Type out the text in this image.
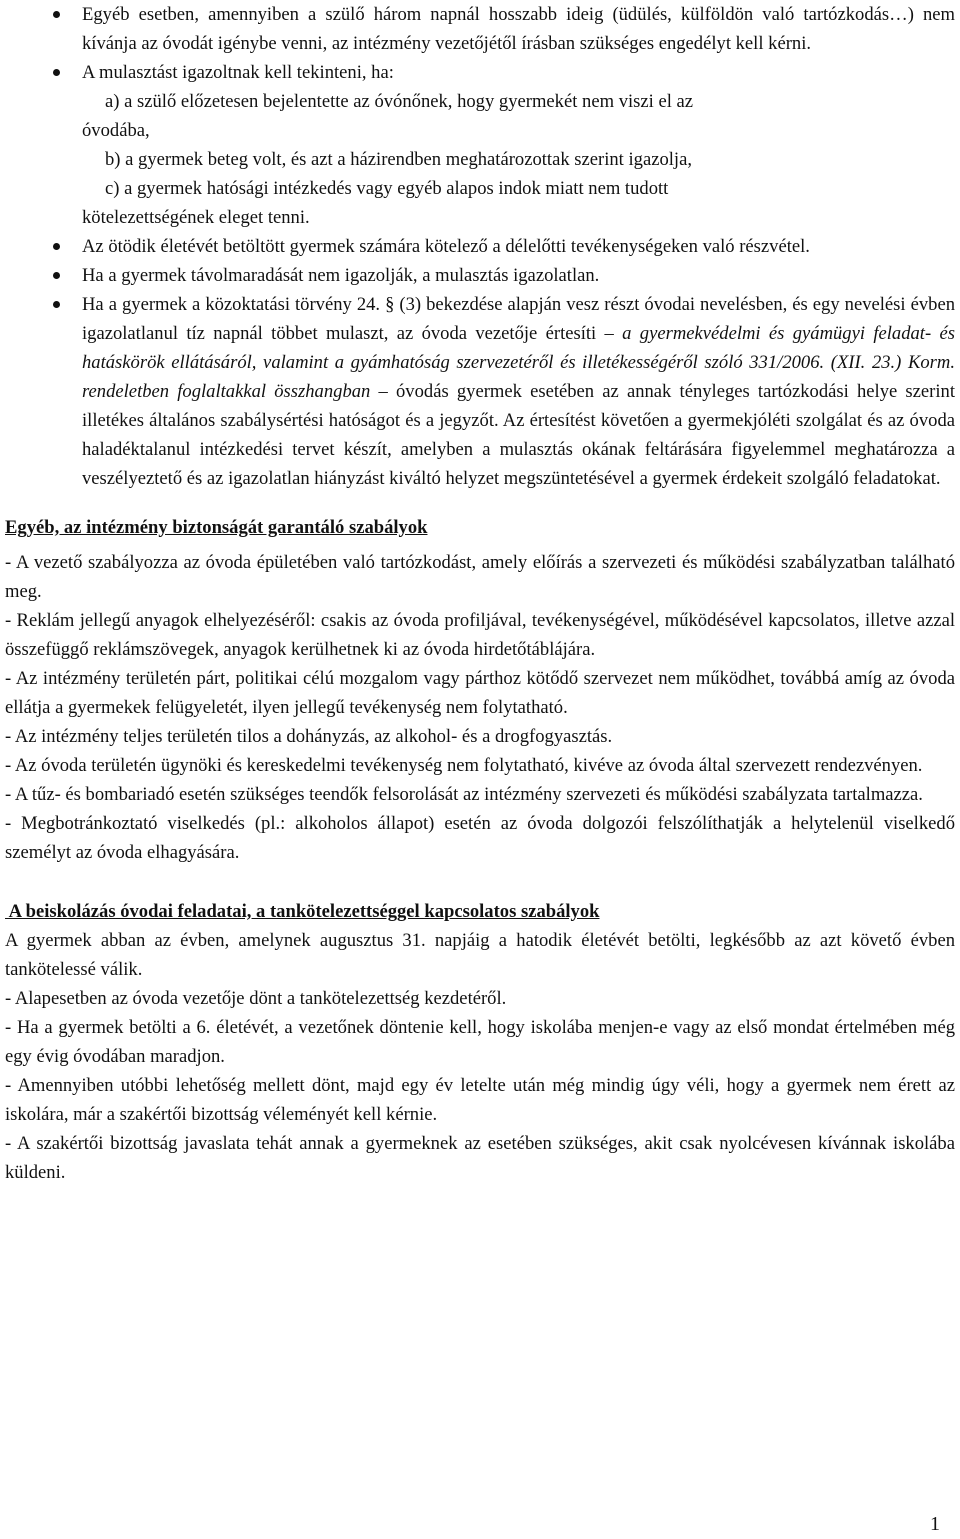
Egyéb esetben, amennyiben a szülő három napnál hosszabb ideig (üdülés, külföldön való tartózkodás…) nem kívánja az óvodát igénybe venni, az intézmény vezetőjétől írásban szükséges engedélyt kell kérni.
A mulasztást igazoltnak kell tekinteni, ha:
a) a szülő előzetesen bejelentette az óvónőnek, hogy gyermekét nem viszi el az
óvodába,
b) a gyermek beteg volt, és azt a házirendben meghatározottak szerint igazolja,
c) a gyermek hatósági intézkedés vagy egyéb alapos indok miatt nem tudott
kötelezettségének eleget tenni.
Az ötödik életévét betöltött gyermek számára kötelező a délelőtti tevékenységeken való részvétel.
Ha a gyermek távolmaradását nem igazolják, a mulasztás igazolatlan.
Ha a gyermek a közoktatási törvény 24. § (3) bekezdése alapján vesz részt óvodai nevelésben, és egy nevelési évben igazolatlanul tíz napnál többet mulaszt, az óvoda vezetője értesíti – a gyermekvédelmi és gyámügyi feladat- és hatáskörök ellátásáról, valamint a gyámhatóság szervezetéről és illetékességéről szóló 331/2006. (XII. 23.) Korm. rendeletben foglaltakkal összhangban – óvodás gyermek esetében az annak tényleges tartózkodási helye szerint illetékes általános szabálysértési hatóságot és a jegyzőt. Az értesítést követően a gyermekjóléti szolgálat és az óvoda haladéktalanul intézkedési tervet készít, amelyben a mulasztás okának feltárására figyelemmel meghatározza a veszélyeztető és az igazolatlan hiányzást kiváltó helyzet megszüntetésével a gyermek érdekeit szolgáló feladatokat.
Egyéb, az intézmény biztonságát garantáló szabályok

- A vezető szabályozza az óvoda épületében való tartózkodást, amely előírás a szervezeti és működési szabályzatban található meg.

- Reklám jellegű anyagok elhelyezéséről: csakis az óvoda profiljával, tevékenységével, működésével kapcsolatos, illetve azzal összefüggő reklámszövegek, anyagok kerülhetnek ki az óvoda hirdetőtáblájára.

- Az intézmény területén párt, politikai célú mozgalom vagy párthoz kötődő szervezet nem működhet, továbbá amíg az óvoda ellátja a gyermekek felügyeletét, ilyen jellegű tevékenység nem folytatható.

- Az intézmény teljes területén tilos a dohányzás, az alkohol- és a drogfogyasztás.

- Az óvoda területén ügynöki és kereskedelmi tevékenység nem folytatható, kivéve az óvoda által szervezett rendezvényen.

- A tűz- és bombariadó esetén szükséges teendők felsorolását az intézmény szervezeti és működési szabályzata tartalmazza.

- Megbotránkoztató viselkedés (pl.: alkoholos állapot) esetén az óvoda dolgozói felszólíthatják a helytelenül viselkedő személyt az óvoda elhagyására.

A beiskolázás óvodai feladatai, a tankötelezettséggel kapcsolatos szabályok

A gyermek abban az évben, amelynek augusztus 31. napjáig a hatodik életévét betölti, legkésőbb az azt követő évben tankötelessé válik.

- Alapesetben az óvoda vezetője dönt a tankötelezettség kezdetéről.

- Ha a gyermek betölti a 6. életévét, a vezetőnek döntenie kell, hogy iskolába menjen-e vagy az első mondat értelmében még egy évig óvodában maradjon.

- Amennyiben utóbbi lehetőség mellett dönt, majd egy év letelte után még mindig úgy véli, hogy a gyermek nem érett az iskolára, már a szakértői bizottság véleményét kell kérnie.

- A szakértői bizottság javaslata tehát annak a gyermeknek az esetében szükséges, akit csak nyolcévesen kívánnak iskolába küldeni.

1
